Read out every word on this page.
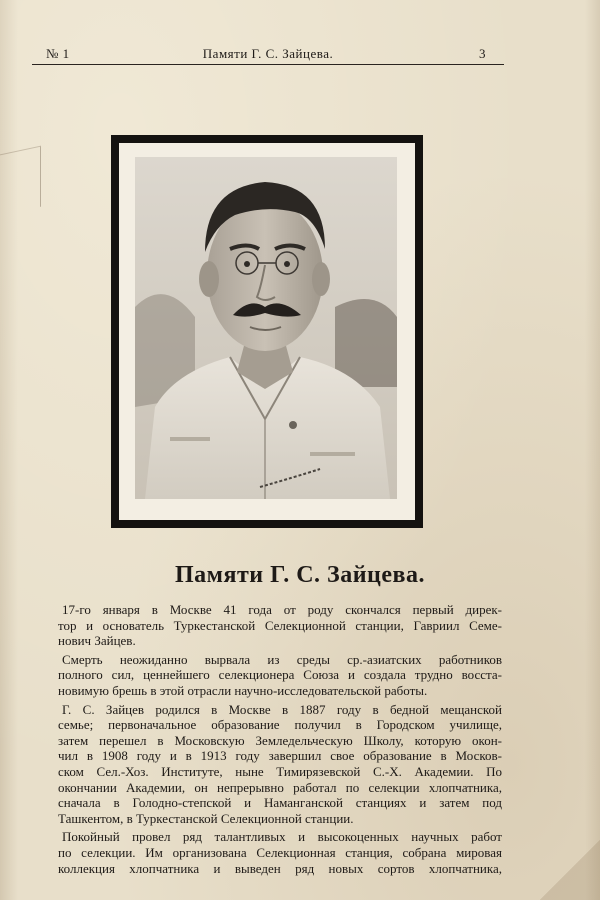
№ 1	Памяти Г. С. Зайцева.	3
Памяти Г. С. Зайцева.

17-го января в Москве 41 года от роду скончался первый дирек-
тор и основатель Туркестанской Селекционной станции, Гавриил Семе-
нович Зайцев.

Смерть неожиданно вырвала из среды ср.-азиатских работников
полного сил, ценнейшего селекционера Союза и создала трудно восста-
новимую брешь в этой отрасли научно-исследовательской работы.

Г. С. Зайцев родился в Москве в 1887 году в бедной мещанской
семье; первоначальное образование получил в Городском училище,
затем перешел в Московскую Земледельческую Школу, которую окон-
чил в 1908 году и в 1913 году завершил свое образование в Москов-
ском Сел.-Хоз. Институте, ныне Тимирязевской С.-Х. Академии. По
окончании Академии, он непрерывно работал по селекции хлопчатника,
сначала в Голодно-степской и Наманганской станциях и затем под
Ташкентом, в Туркестанской Селекционной станции.

Покойный провел ряд талантливых и высокоценных научных работ
по селекции. Им организована Селекционная станция, собрана мировая
коллекция хлопчатника и выведен ряд новых сортов хлопчатника,
